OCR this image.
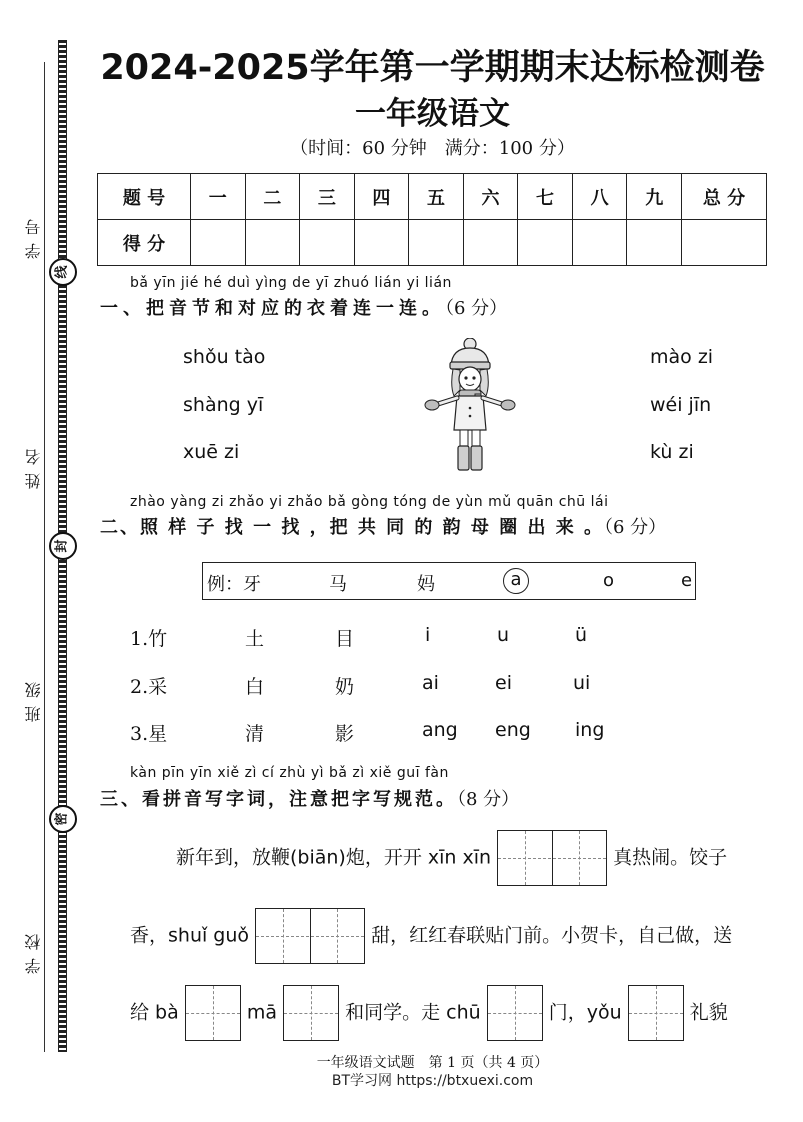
学号
姓名
班级
学校
线
封
密
2024-2025学年第一学期期末达标检测卷
一年级语文
（时间：60 分钟　满分：100 分）
题 号	一	二	三	四	五	六	七	八	九	总 分
得 分										
bǎ yīn jié hé duì yìng de yī zhuó lián yi lián
一、把音节和对应的衣着连一连。（6 分）
shǒu tào
shàng yī
xuē zi
mào zi
wéi jīn
kù zi
zhào yàng zi zhǎo yi zhǎo bǎ gòng tóng de yùn mǔ quān chū lái
二、照 样 子 找 一 找 ，把 共 同 的 韵 母 圈 出 来 。（6 分）
例：牙	马	妈	a	o	e
1.竹	土	目	i	u	ü
2.采	白	奶	ai	ei	ui
3.星	清	影	ang eng ing
kàn pīn yīn xiě zì cí zhù yì bǎ zì xiě guī fàn
三、看拼音写字词，注意把字写规范。（8 分）
新年到，放鞭(biān)炮，开开 xīn xīn	真热闹。饺子
香，shuǐ guǒ	甜，红红春联贴门前。小贺卡，自己做，送
给 bà	mā	和同学。走 chū	门，yǒu	礼貌
一年级语文试题　第 1 页（共 4 页）
BT学习网 https://btxuexi.com
